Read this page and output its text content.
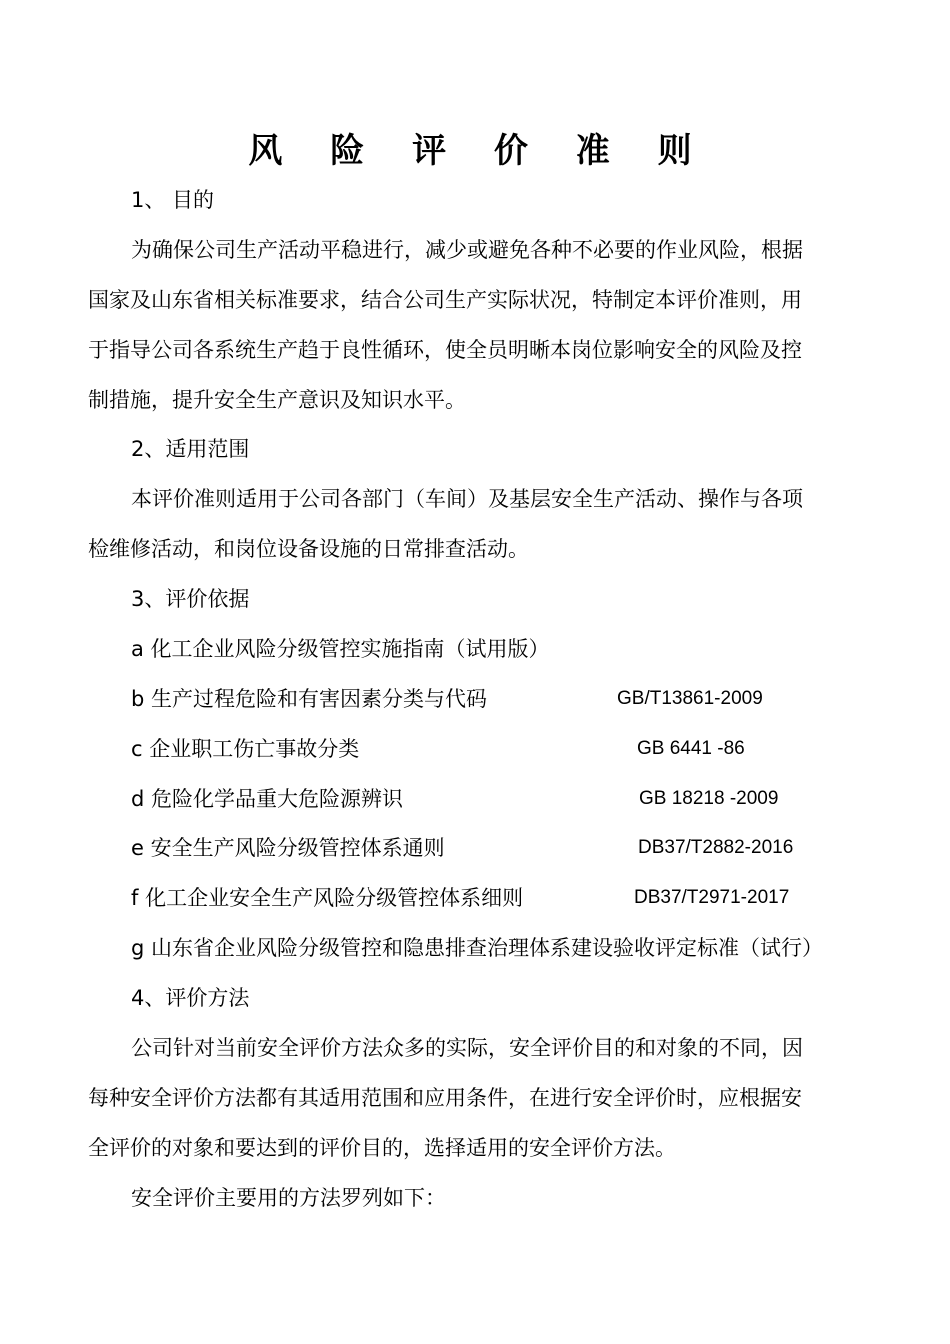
风 险 评 价 准 则
1、 目的
为确保公司生产活动平稳进行，减少或避免各种不必要的作业风险，根据
国家及山东省相关标准要求，结合公司生产实际状况，特制定本评价准则，用
于指导公司各系统生产趋于良性循环，使全员明晰本岗位影响安全的风险及控
制措施，提升安全生产意识及知识水平。
2、适用范围
本评价准则适用于公司各部门（车间）及基层安全生产活动、操作与各项
检维修活动，和岗位设备设施的日常排查活动。
3、评价依据
a 化工企业风险分级管控实施指南（试用版）
b 生产过程危险和有害因素分类与代码	GB/T13861-2009
c 企业职工伤亡事故分类	GB 6441 -86
d 危险化学品重大危险源辨识	GB 18218 -2009
e 安全生产风险分级管控体系通则	DB37/T2882-2016
f 化工企业安全生产风险分级管控体系细则	DB37/T2971-2017
g 山东省企业风险分级管控和隐患排查治理体系建设验收评定标准（试行）
4、评价方法
公司针对当前安全评价方法众多的实际，安全评价目的和对象的不同，因
每种安全评价方法都有其适用范围和应用条件，在进行安全评价时，应根据安
全评价的对象和要达到的评价目的，选择适用的安全评价方法。
安全评价主要用的方法罗列如下：
